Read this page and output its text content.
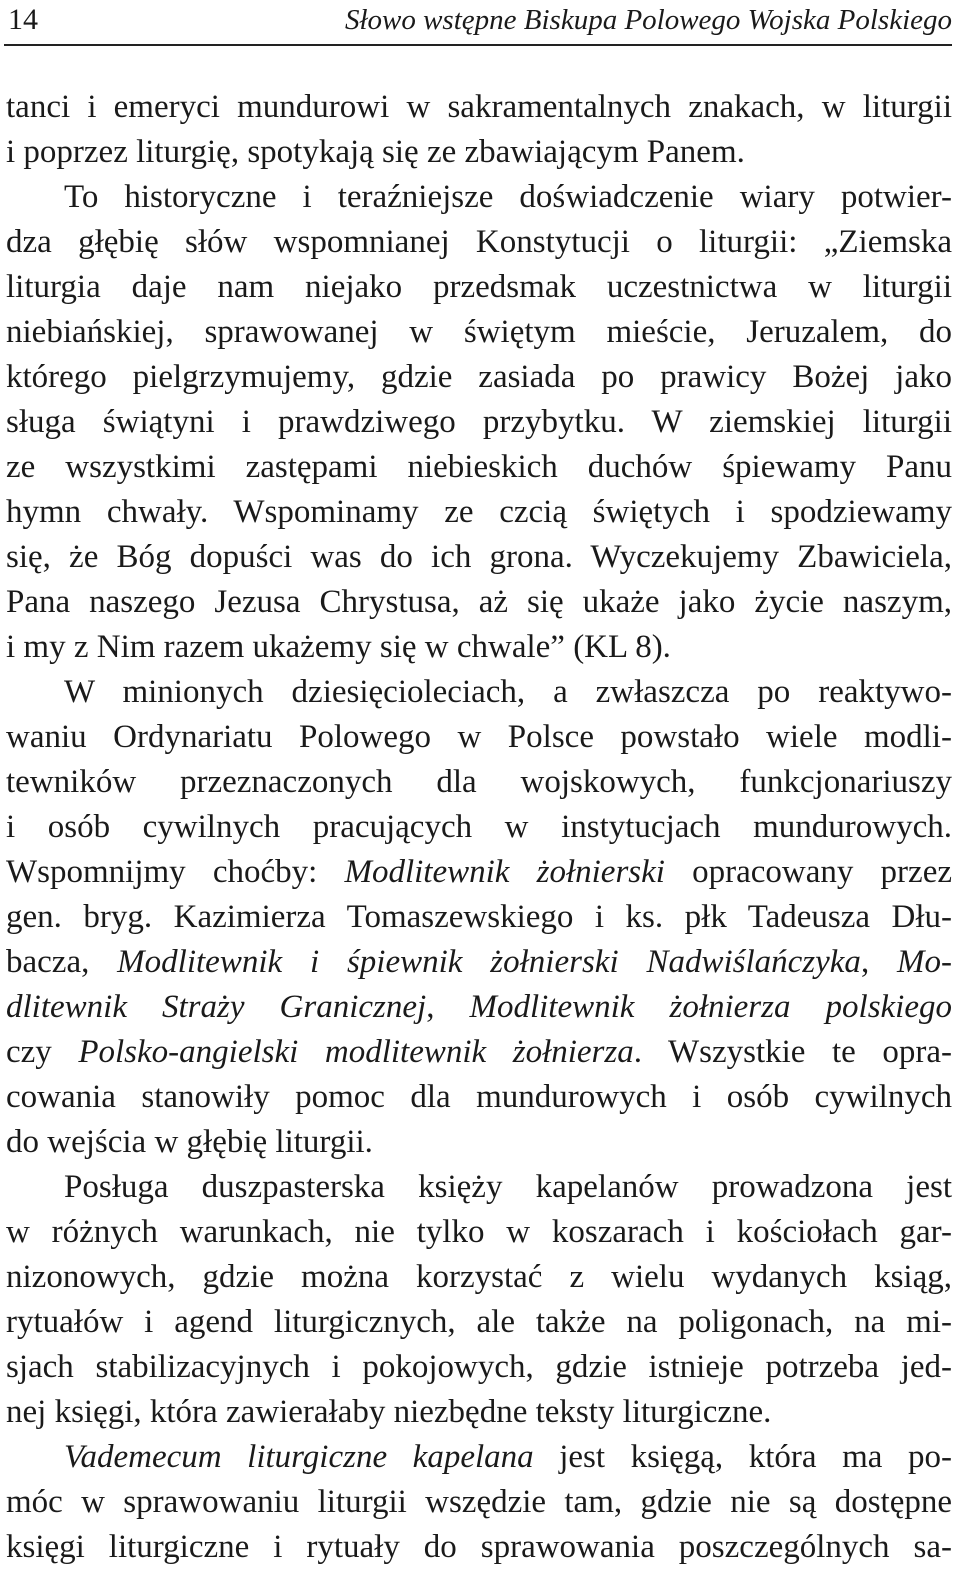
14	Słowo wstępne Biskupa Polowego Wojska Polskiego
tanci i emeryci mundurowi w sakramentalnych znakach, w liturgii
i poprzez liturgię, spotykają się ze zbawiającym Panem.
To historyczne i teraźniejsze doświadczenie wiary potwier-
dza głębię słów wspomnianej Konstytucji o liturgii: „Ziemska
liturgia daje nam niejako przedsmak uczestnictwa w liturgii
niebiańskiej, sprawowanej w świętym mieście, Jeruzalem, do
którego pielgrzymujemy, gdzie zasiada po prawicy Bożej jako
sługa świątyni i prawdziwego przybytku. W ziemskiej liturgii
ze wszystkimi zastępami niebieskich duchów śpiewamy Panu
hymn chwały. Wspominamy ze czcią świętych i spodziewamy
się, że Bóg dopuści was do ich grona. Wyczekujemy Zbawiciela,
Pana naszego Jezusa Chrystusa, aż się ukaże jako życie naszym,
i my z Nim razem ukażemy się w chwale” (KL 8).
W minionych dziesięcioleciach, a zwłaszcza po reaktywo-
waniu Ordynariatu Polowego w Polsce powstało wiele modli-
tewników przeznaczonych dla wojskowych, funkcjonariuszy
i osób cywilnych pracujących w instytucjach mundurowych.
Wspomnijmy choćby: Modlitewnik żołnierski opracowany przez
gen. bryg. Kazimierza Tomaszewskiego i ks. płk Tadeusza Dłu-
bacza, Modlitewnik i śpiewnik żołnierski Nadwiślańczyka, Mo-
dlitewnik Straży Granicznej, Modlitewnik żołnierza polskiego
czy Polsko-angielski modlitewnik żołnierza. Wszystkie te opra-
cowania stanowiły pomoc dla mundurowych i osób cywilnych
do wejścia w głębię liturgii.
Posługa duszpasterska księży kapelanów prowadzona jest
w różnych warunkach, nie tylko w koszarach i kościołach gar-
nizonowych, gdzie można korzystać z wielu wydanych ksiąg,
rytuałów i agend liturgicznych, ale także na poligonach, na mi-
sjach stabilizacyjnych i pokojowych, gdzie istnieje potrzeba jed-
nej księgi, która zawierałaby niezbędne teksty liturgiczne.
Vademecum liturgiczne kapelana jest księgą, która ma po-
móc w sprawowaniu liturgii wszędzie tam, gdzie nie są dostępne
księgi liturgiczne i rytuały do sprawowania poszczególnych sa-
